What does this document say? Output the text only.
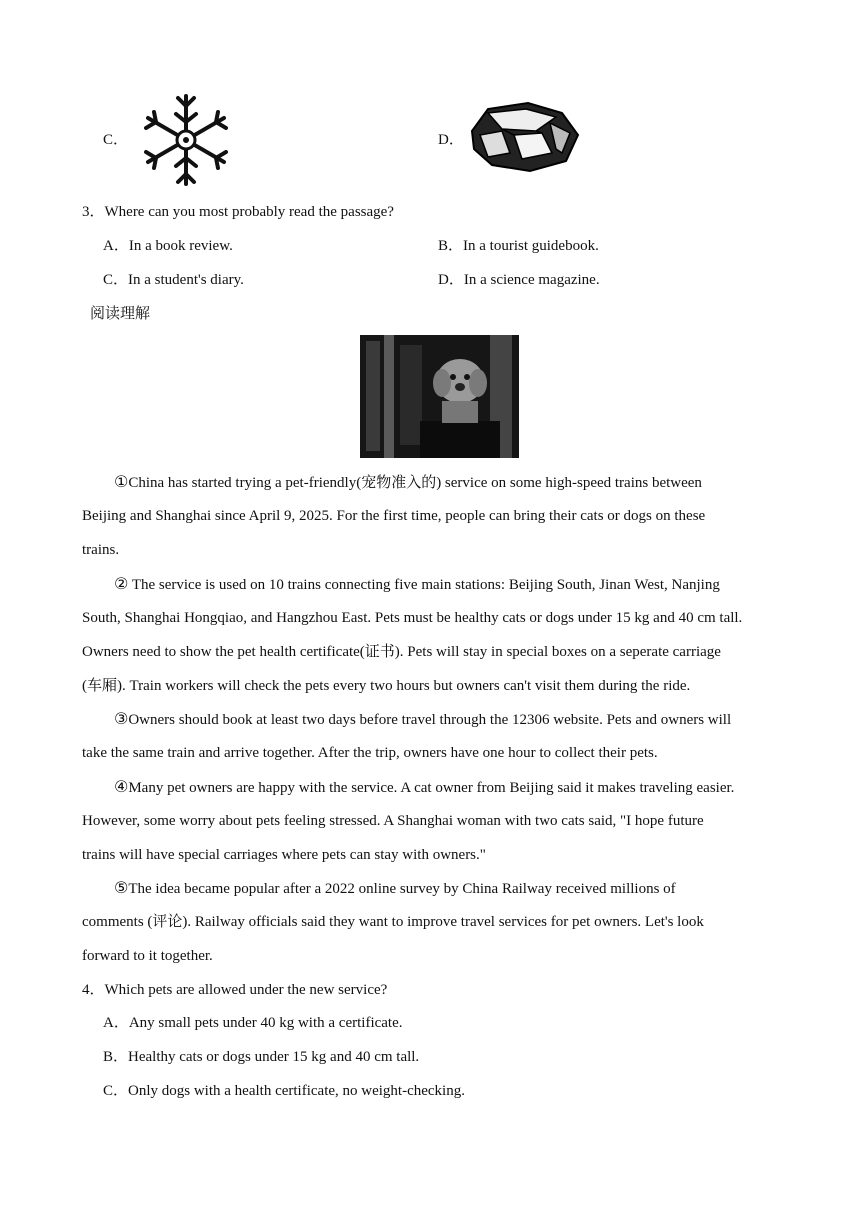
C．	D．
3．Where can you most probably read the passage?
A．In a book review.	B．In a tourist guidebook.
C．In a student's diary.	D．In a science magazine.
阅读理解
①China has started trying a pet-friendly(宠物准入的) service on some high-speed trains between
Beijing and Shanghai since April 9, 2025. For the first time, people can bring their cats or dogs on these
trains.
② The service is used on 10 trains connecting five main stations: Beijing South, Jinan West, Nanjing
South, Shanghai Hongqiao, and Hangzhou East. Pets must be healthy cats or dogs under 15 kg and 40 cm tall.
Owners need to show the pet health certificate(证书). Pets will stay in special boxes on a seperate carriage
(车厢). Train workers will check the pets every two hours but owners can't visit them during the ride.
③Owners should book at least two days before travel through the 12306 website. Pets and owners will
take the same train and arrive together. After the trip, owners have one hour to collect their pets.
④Many pet owners are happy with the service. A cat owner from Beijing said it makes traveling easier.
However, some worry about pets feeling stressed. A Shanghai woman with two cats said, "I hope future
trains will have special carriages where pets can stay with owners."
⑤The idea became popular after a 2022 online survey by China Railway received millions of
comments (评论). Railway officials said they want to improve travel services for pet owners. Let's look
forward to it together.
4．Which pets are allowed under the new service?
A．Any small pets under 40 kg with a certificate.
B．Healthy cats or dogs under 15 kg and 40 cm tall.
C．Only dogs with a health certificate, no weight-checking.
